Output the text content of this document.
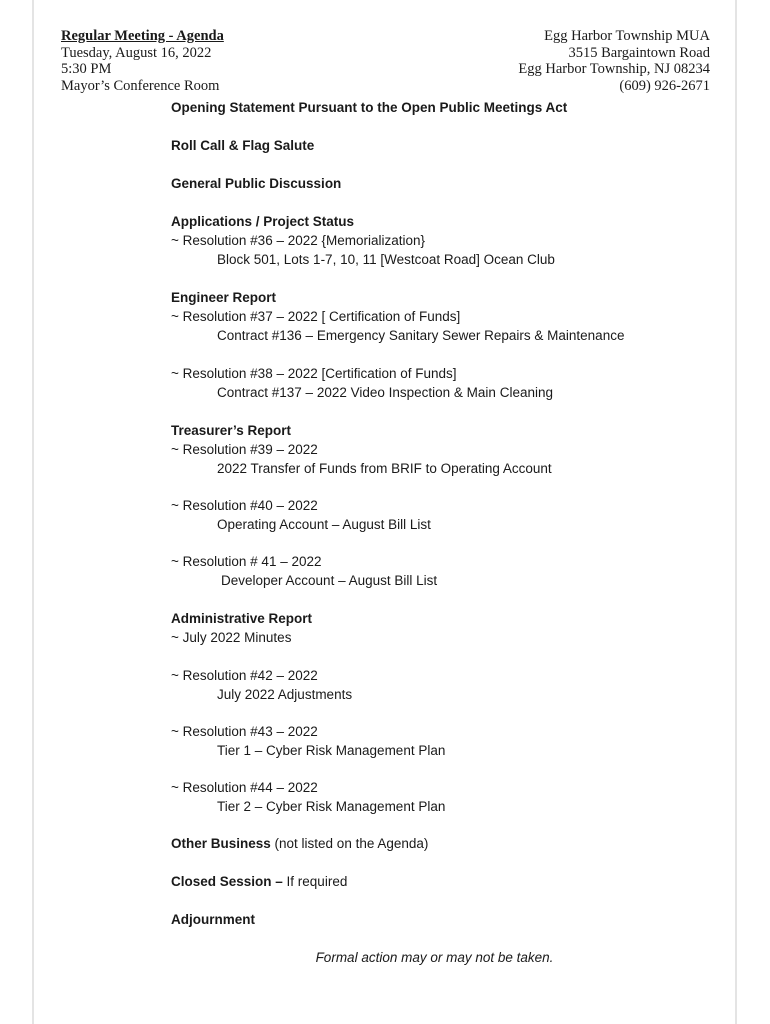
Regular Meeting - Agenda
Tuesday, August 16, 2022
5:30 PM
Mayor’s Conference Room
Egg Harbor Township MUA
3515 Bargaintown Road
Egg Harbor Township, NJ 08234
(609) 926-2671
Opening Statement Pursuant to the Open Public Meetings Act
Roll Call & Flag Salute
General Public Discussion
Applications / Project Status
~ Resolution #36 – 2022 {Memorialization}
Block 501, Lots 1-7, 10, 11 [Westcoat Road] Ocean Club
Engineer Report
~ Resolution #37 – 2022 [ Certification of Funds]
Contract #136 – Emergency Sanitary Sewer Repairs & Maintenance
~ Resolution #38 – 2022 [Certification of Funds]
Contract #137 – 2022 Video Inspection & Main Cleaning
Treasurer’s Report
~ Resolution #39 – 2022
2022 Transfer of Funds from BRIF to Operating Account
~ Resolution #40 – 2022
Operating Account – August Bill List
~ Resolution # 41 – 2022
Developer Account – August Bill List
Administrative Report
~ July 2022 Minutes
~ Resolution #42 – 2022
July 2022 Adjustments
~ Resolution #43 – 2022
Tier 1 – Cyber Risk Management Plan
~ Resolution #44 – 2022
Tier 2 – Cyber Risk Management Plan
Other Business (not listed on the Agenda)
Closed Session – If required
Adjournment
Formal action may or may not be taken.
